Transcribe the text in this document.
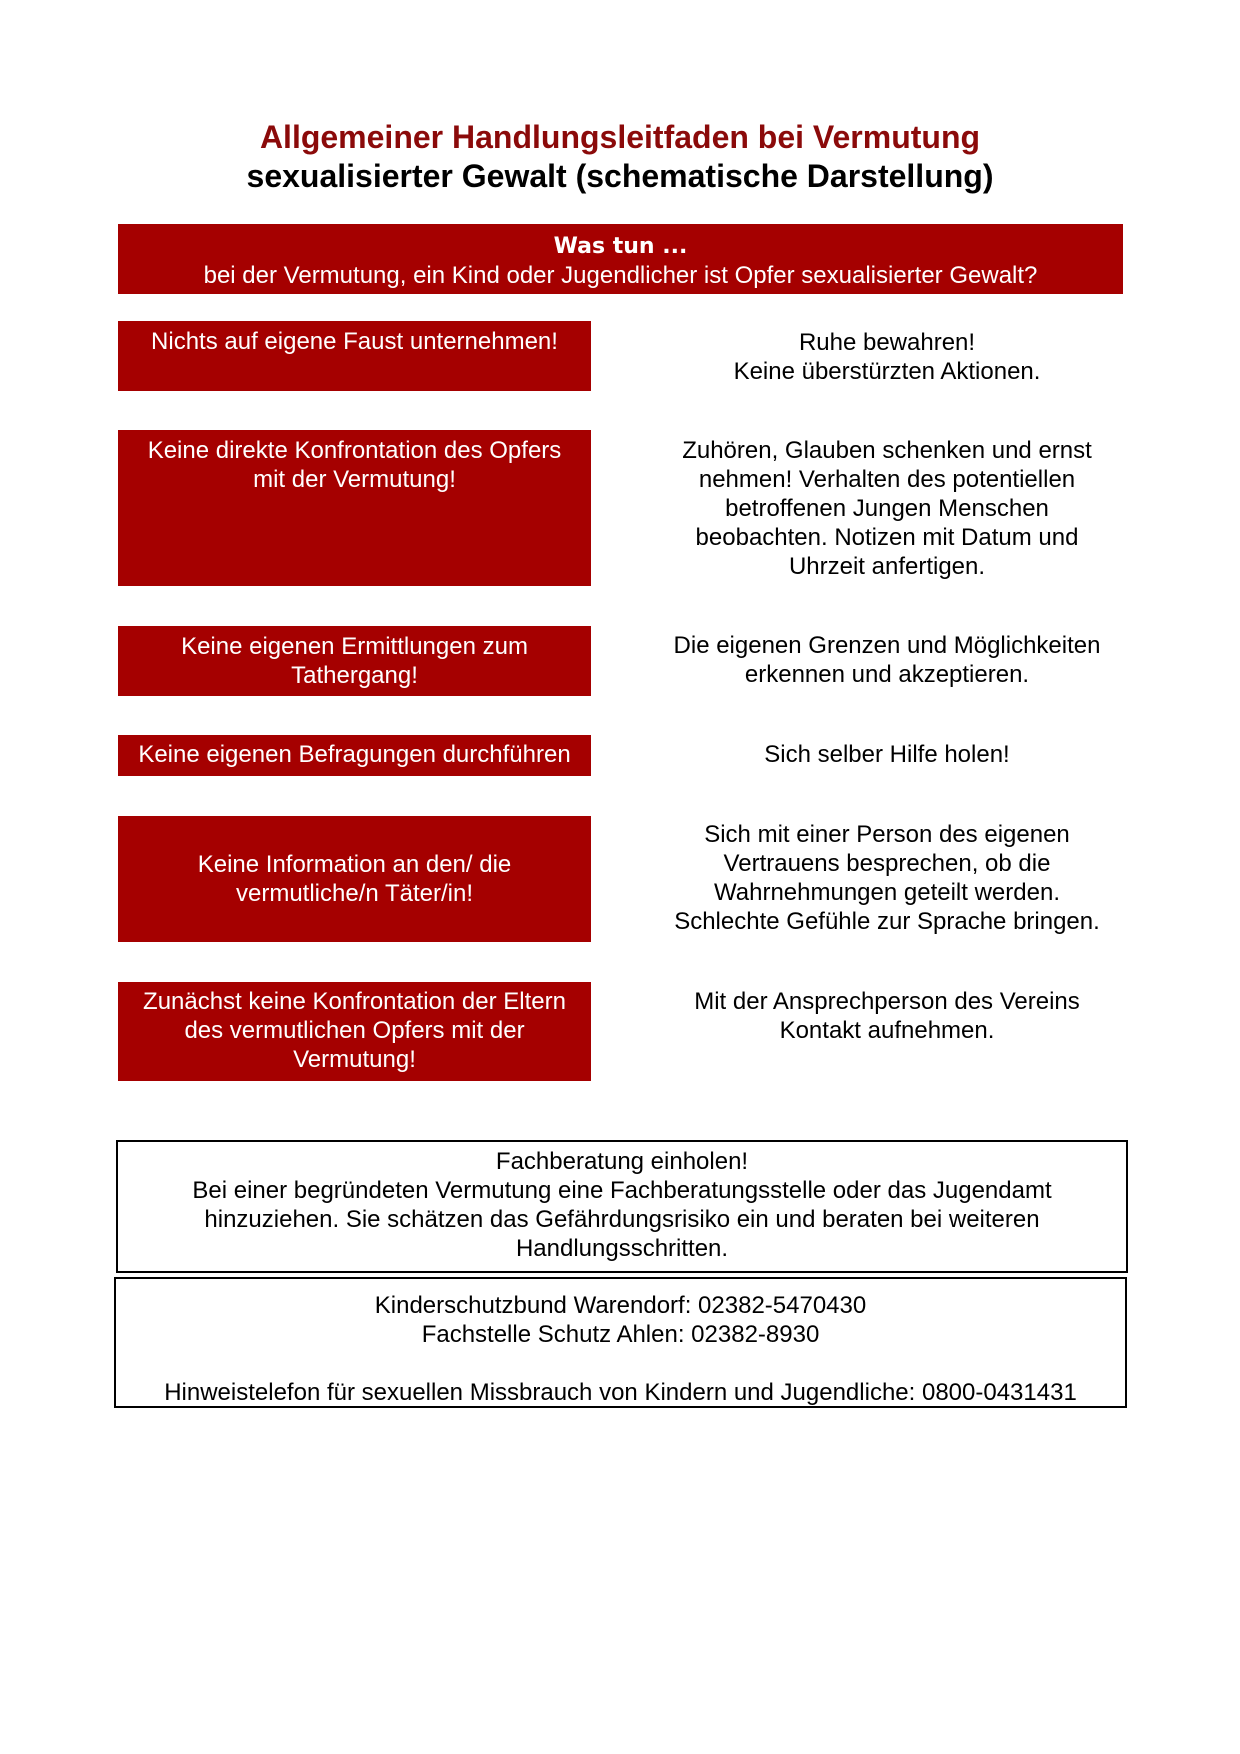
Allgemeiner Handlungsleitfaden bei Vermutung
sexualisierter Gewalt (schematische Darstellung)
Was tun ...
bei der Vermutung, ein Kind oder Jugendlicher ist Opfer sexualisierter Gewalt?
Nichts auf eigene Faust unternehmen!
Keine direkte Konfrontation des Opfers
mit der Vermutung!
Keine eigenen Ermittlungen zum
Tathergang!
Keine eigenen Befragungen durchführen
Keine Information an den/ die
vermutliche/n Täter/in!
Zunächst keine Konfrontation der Eltern
des vermutlichen Opfers mit der
Vermutung!
Ruhe bewahren!
Keine überstürzten Aktionen.
Zuhören, Glauben schenken und ernst
nehmen! Verhalten des potentiellen
betroffenen Jungen Menschen
beobachten. Notizen mit Datum und
Uhrzeit anfertigen.
Die eigenen Grenzen und Möglichkeiten
erkennen und akzeptieren.
Sich selber Hilfe holen!
Sich mit einer Person des eigenen
Vertrauens besprechen, ob die
Wahrnehmungen geteilt werden.
Schlechte Gefühle zur Sprache bringen.
Mit der Ansprechperson des Vereins
Kontakt aufnehmen.
Fachberatung einholen!
Bei einer begründeten Vermutung eine Fachberatungsstelle oder das Jugendamt
hinzuziehen. Sie schätzen das Gefährdungsrisiko ein und beraten bei weiteren
Handlungsschritten.
Kinderschutzbund Warendorf: 02382-5470430
Fachstelle Schutz Ahlen: 02382-8930
Hinweistelefon für sexuellen Missbrauch von Kindern und Jugendliche: 0800-0431431
